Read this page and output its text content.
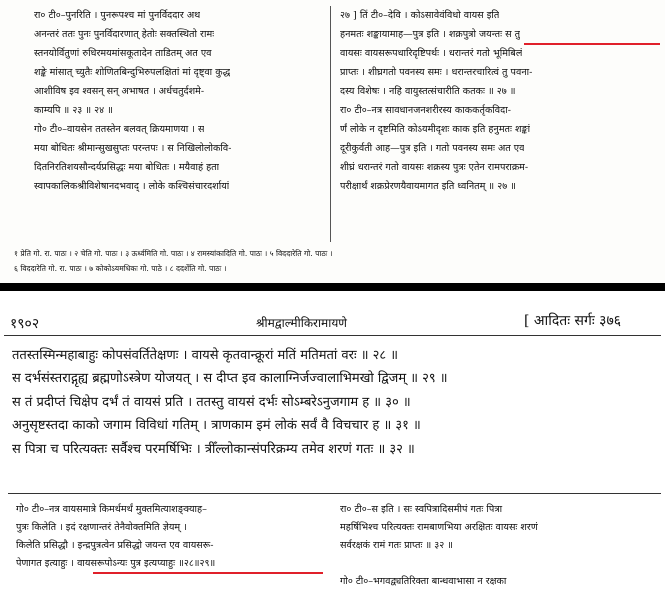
रा० टी०–पुनरिति । पुनरूपश्च मां पुनर्विददार अथ
अनन्तरं ततः पुनः पुनर्विदारणात् हेतोः सक्तस्थितो रामः
स्तनयोर्वितुणां रुधिरमयमांसकूतादेन ताडितम् अत एव
शङ्के मांसात् च्युतैः शोणितबिन्दुभिरुपलक्षितां मां दृष्ट्वा कुद्ध
आशीविष इव श्वसन् सन् अभाषत । अर्धचतुर्दशमे-
काम्यपि ॥ २३ ॥ २४ ॥
गो० टी०–वायसेन ततस्तेन बलवत् क्रियमाणया । स
मया बोधितः श्रीमान्सुखसुप्तः परन्तपः । स निखिलोलोकवि-
दितनिरतिशयसौन्दर्यप्रसिद्धः मया बोधितः । मयैवाहं हता
स्वापकालिकश्रीविशेषानदभवाद् । लोके कश्चिसंचारदर्शायां
२७ ] तिं टी०–देवि । कोऽसावेवंविधो वायस इति
हनमतः शङ्कायामाह—पुत्र इति । शक्रपुत्रो जयन्तः स तु
वायसः वायसरूपधारिदृष्टिपर्थः । धरान्तरं गतो भूमिबिलं
प्राप्तः । शीघ्रगतो पवनस्य समः । धरान्तरचारित्वं तु पवना-
दस्य विशेषः । नहि वायुस्तत्संचारीति कतकः ॥ २७ ॥
रा० टी०–नत्र सावधानजनशरीरस्य काककर्तृकविदा-
र्णं लोके न दृष्टमिति कोऽयमीदृशः काक इति हनुमतः शङ्कां
दूरीकुर्वती आह—पुत्र इति । गतो पवनस्य समः अत एव
शीघ्रं धरान्तरं गतो वायसः शक्रस्य पुत्रः एतेन रामपराक्रम-
परीक्षार्थं शक्रप्रेरणयैवायमागत इति ध्वनितम् ॥ २७ ॥
१ प्रेति गो. रा. पाठः । २ चेति गो. पाठः । ३ ऊर्ध्वमिति गो. पाठः । ४ रामस्यांकादिति गो. पाठः । ५ विददारेति गो. पाठः ।
६ विददारेति गो. रा. पाठः । ७ कोकोऽयमधिकः गो. पाठे । ८ ददर्शेति गो. पाठः ।
१९०२	श्रीमद्वाल्मीकिरामायणे	[ आदितः सर्गः ३७६
ततस्तस्मिन्महाबाहुः कोपसंवर्तितेक्षणः । वायसे कृतवान्क्रूरां मतिं मतिमतां वरः ॥ २८ ॥
स दर्भसंस्तराद्गृह्य ब्रह्मणोऽस्त्रेण योजयत् । स दीप्त इव कालाग्निर्जज्वालाभिमखो द्विजम् ॥ २९ ॥
स तं प्रदीप्तं चिक्षेप दर्भं तं वायसं प्रति । ततस्तु वायसं दर्भः सोऽम्बरेऽनुजगाम ह ॥ ३० ॥
अनुसृष्टस्तदा काको जगाम विविधां गतिम् । त्राणकाम इमं लोकं सर्वं वै विचचार ह ॥ ३१ ॥
स पित्रा च परित्यक्तः सर्वैश्च परमर्षिभिः । त्रीँल्लोकान्संपरिक्रम्य तमेव शरणं गतः ॥ ३२ ॥
गो० टी०–नत्र वायसमात्रे किमर्थमर्थं मुक्तमित्याशङ्क्याह–
पुत्रः किलेति । इदं रक्षणान्तरं तेनैवोक्तमिति ज्ञेयम् ।
किलेति प्रसिद्धौ । इन्द्रपुत्रत्वेन प्रसिद्धो जयन्त एव वायसरू-
पेणागत इत्याहुः । वायसरूपोऽन्यः पुत्र इत्यप्याहुः ॥२८॥२९॥
रा० टी०–स इति । सः स्वपित्रादिसमीपं गतः पित्रा
महर्षिभिश्च परित्यक्तः रामबाणभिया अरक्षितः वायसः शरणं
सर्वरक्षकं रामं गतः प्राप्तः ॥ ३२ ॥
गो० टी०–भगवद्व्यतिरिक्ता बान्धवाभासा न रक्षका
